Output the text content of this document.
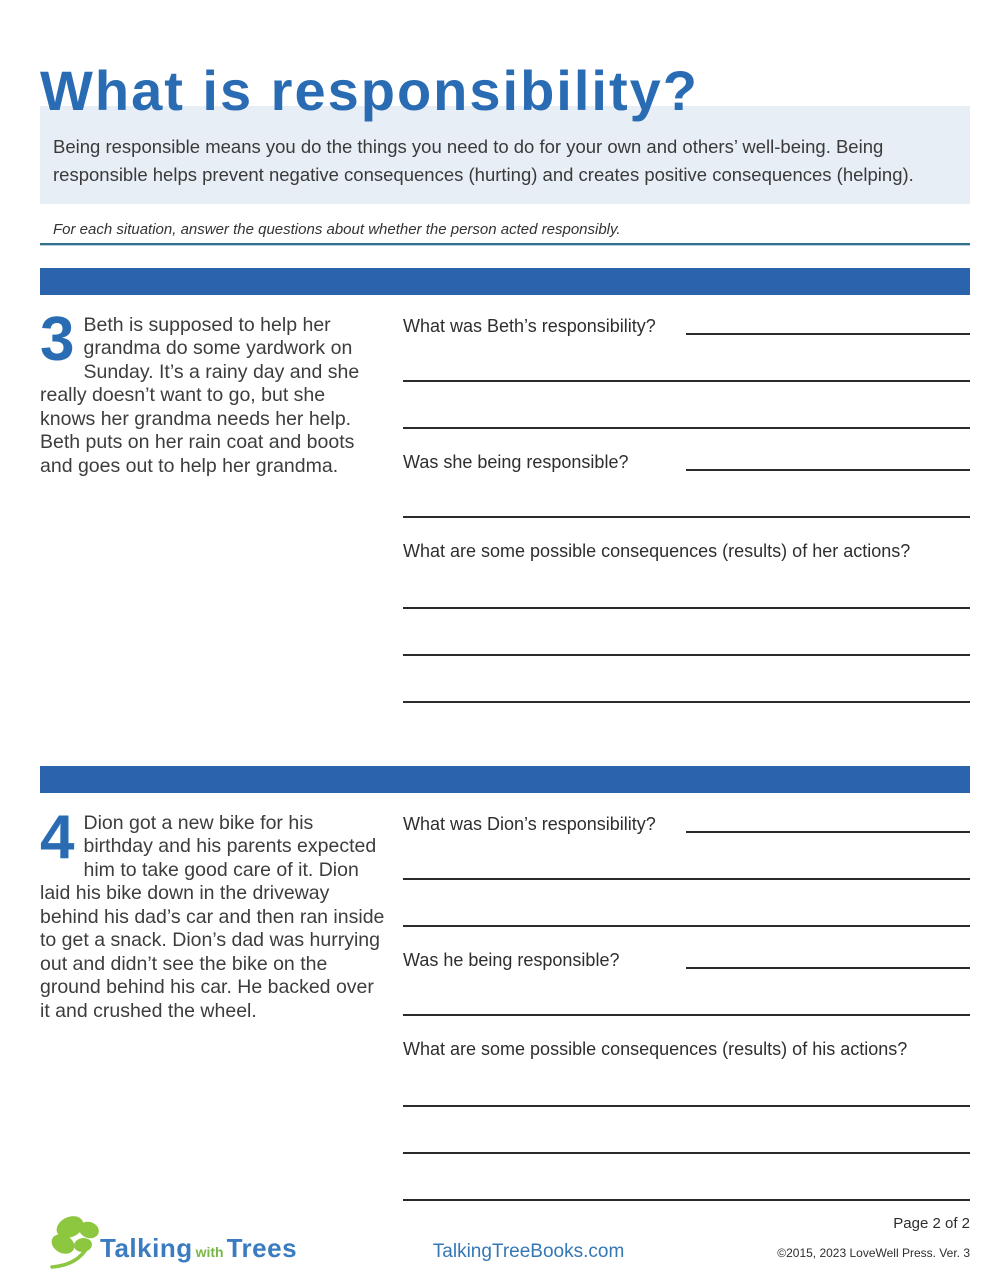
What is responsibility?
Being responsible means you do the things you need to do for your own and others’ well-being. Being responsible helps prevent negative consequences (hurting) and creates positive consequences (helping).
For each situation, answer the questions about whether the person acted responsibly.
3 Beth is supposed to help her grandma do some yardwork on Sunday. It’s a rainy day and she really doesn’t want to go, but she knows her grandma needs her help. Beth puts on her rain coat and boots and goes out to help her grandma.
What was Beth’s responsibility?
Was she being responsible?
What are some possible consequences (results) of her actions?
4 Dion got a new bike for his birthday and his parents expected him to take good care of it. Dion laid his bike down in the driveway behind his dad’s car and then ran inside to get a snack. Dion’s dad was hurrying out and didn’t see the bike on the ground behind his car. He backed over it and crushed the wheel.
What was Dion’s responsibility?
Was he being responsible?
What are some possible consequences (results) of his actions?
Talking with Trees	TalkingTreeBooks.com
Page 2 of 2
©2015, 2023 LoveWell Press. Ver. 3
